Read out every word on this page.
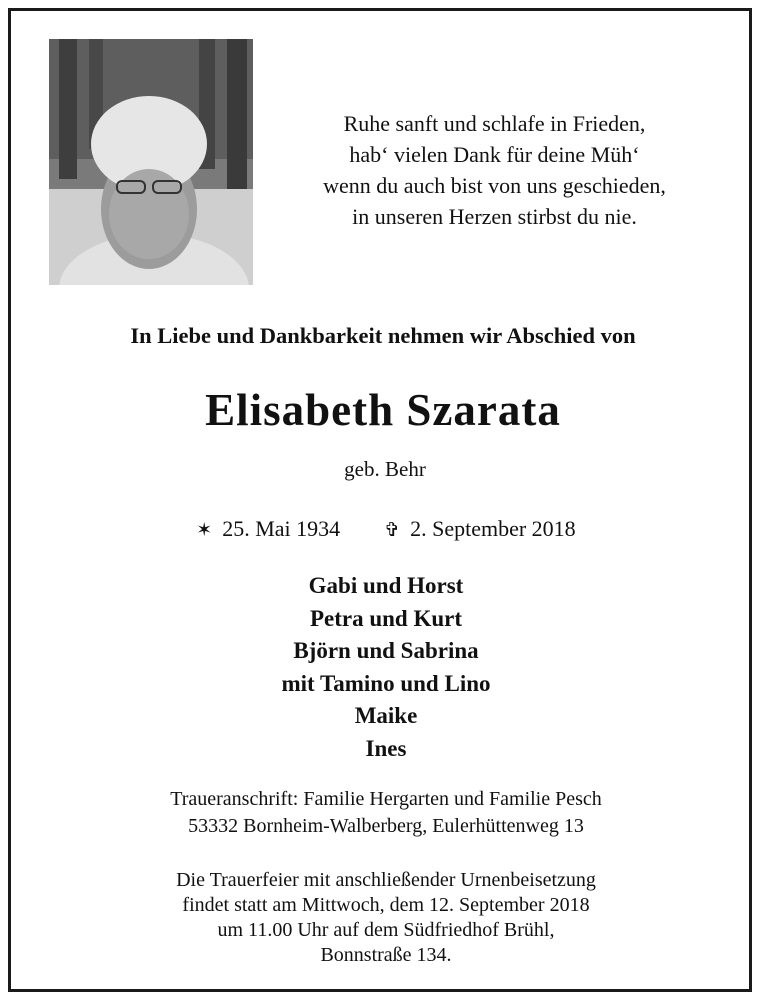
Ruhe sanft und schlafe in Frieden,
hab‘ vielen Dank für deine Müh‘
wenn du auch bist von uns geschieden,
in unseren Herzen stirbst du nie.
In Liebe und Dankbarkeit nehmen wir Abschied von
Elisabeth Szarata
geb. Behr
✶ 25. Mai 1934 ✞ 2. September 2018
Gabi und Horst
Petra und Kurt
Björn und Sabrina
mit Tamino und Lino
Maike
Ines
Traueranschrift: Familie Hergarten und Familie Pesch
53332 Bornheim-Walberberg, Eulerhüttenweg 13
Die Trauerfeier mit anschließender Urnenbeisetzung
findet statt am Mittwoch, dem 12. September 2018
um 11.00 Uhr auf dem Südfriedhof Brühl,
Bonnstraße 134.
